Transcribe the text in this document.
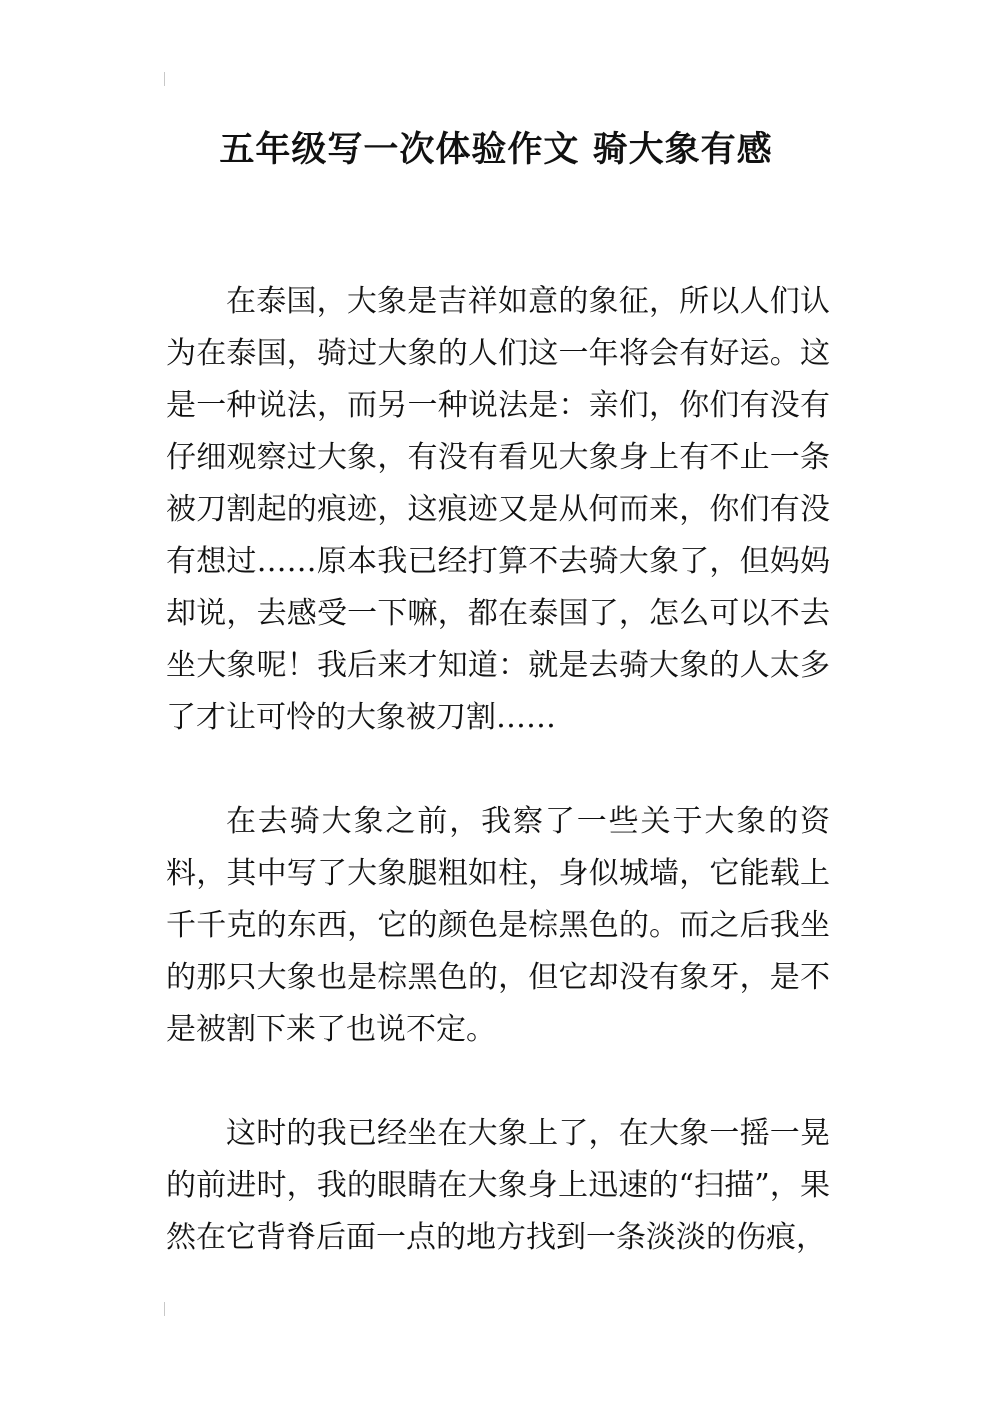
五年级写一次体验作文 骑大象有感

在泰国，大象是吉祥如意的象征，所以人们认为在泰国，骑过大象的人们这一年将会有好运。这是一种说法，而另一种说法是：亲们，你们有没有仔细观察过大象，有没有看见大象身上有不止一条被刀割起的痕迹，这痕迹又是从何而来，你们有没有想过……原本我已经打算不去骑大象了，但妈妈却说，去感受一下嘛，都在泰国了，怎么可以不去坐大象呢！我后来才知道：就是去骑大象的人太多了才让可怜的大象被刀割……

在去骑大象之前，我察了一些关于大象的资料，其中写了大象腿粗如柱，身似城墙，它能载上千千克的东西，它的颜色是棕黑色的。而之后我坐的那只大象也是棕黑色的，但它却没有象牙，是不是被割下来了也说不定。

这时的我已经坐在大象上了，在大象一摇一晃的前进时，我的眼睛在大象身上迅速的“扫描”，果然在它背脊后面一点的地方找到一条淡淡的伤痕，
